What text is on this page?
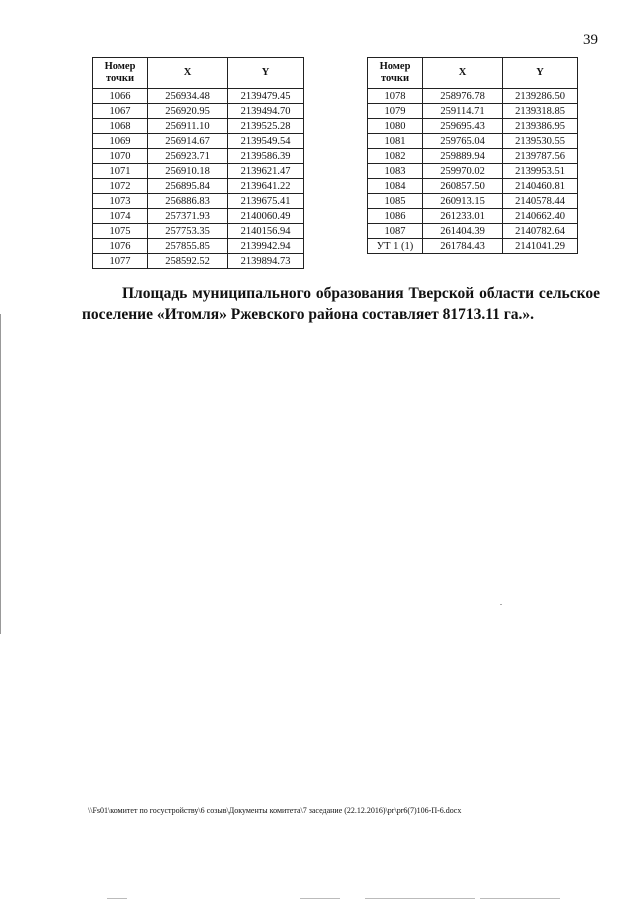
39
Номер точки	X	Y
1066	256934.48	2139479.45
1067	256920.95	2139494.70
1068	256911.10	2139525.28
1069	256914.67	2139549.54
1070	256923.71	2139586.39
1071	256910.18	2139621.47
1072	256895.84	2139641.22
1073	256886.83	2139675.41
1074	257371.93	2140060.49
1075	257753.35	2140156.94
1076	257855.85	2139942.94
1077	258592.52	2139894.73
Номер точки	X	Y
1078	258976.78	2139286.50
1079	259114.71	2139318.85
1080	259695.43	2139386.95
1081	259765.04	2139530.55
1082	259889.94	2139787.56
1083	259970.02	2139953.51
1084	260857.50	2140460.81
1085	260913.15	2140578.44
1086	261233.01	2140662.40
1087	261404.39	2140782.64
УТ 1 (1)	261784.43	2141041.29

Площадь муниципального образования Тверской области сельское поселение «Итомля» Ржевского района составляет 81713.11 га.».

\\Fs01\комитет по госустройству\6 созыв\Документы комитета\7 заседание (22.12.2016)\pr\pr6(7)106-П-6.docx
